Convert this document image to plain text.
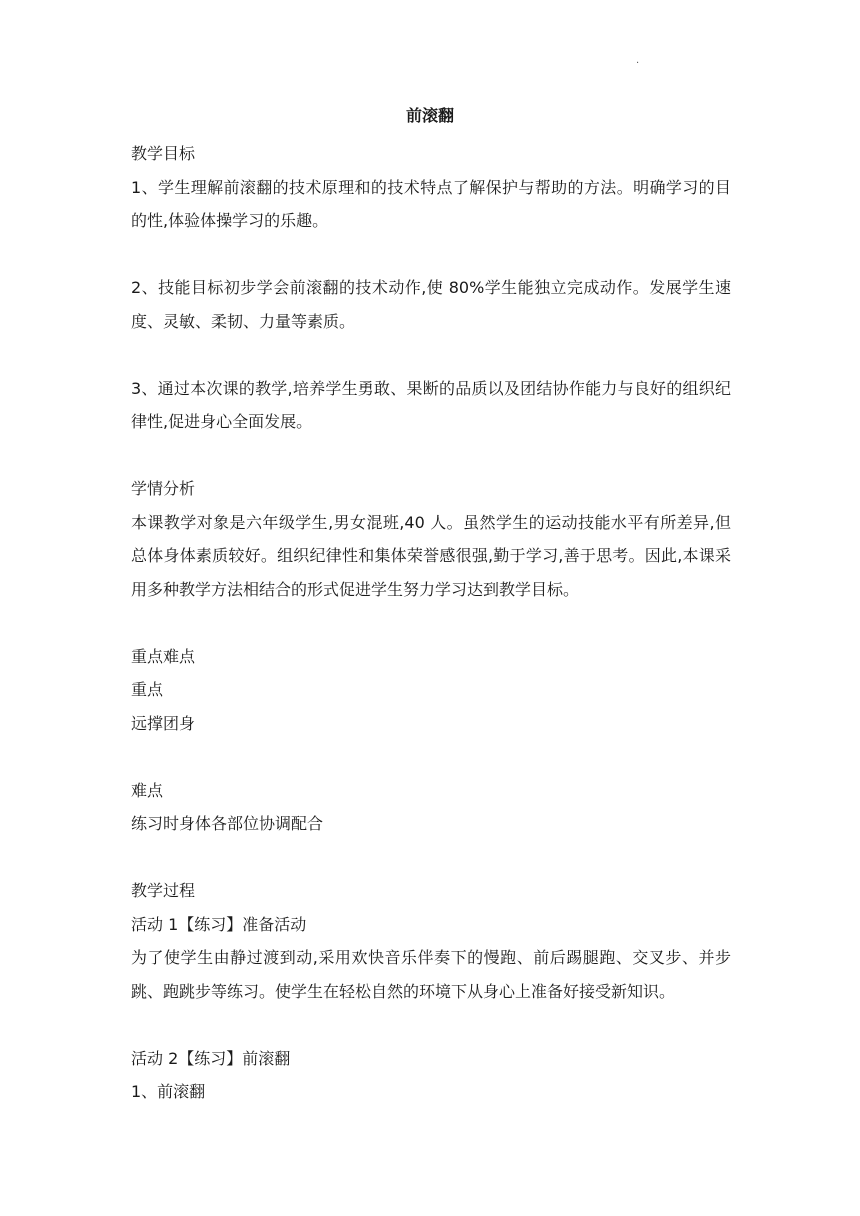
.
前滚翻

教学目标

1、学生理解前滚翻的技术原理和的技术特点了解保护与帮助的方法。明确学习的目的性,体验体操学习的乐趣。

2、技能目标初步学会前滚翻的技术动作,使 80%学生能独立完成动作。发展学生速度、灵敏、柔韧、力量等素质。

3、通过本次课的教学,培养学生勇敢、果断的品质以及团结协作能力与良好的组织纪律性,促进身心全面发展。

学情分析

本课教学对象是六年级学生,男女混班,40 人。虽然学生的运动技能水平有所差异,但总体身体素质较好。组织纪律性和集体荣誉感很强,勤于学习,善于思考。因此,本课采用多种教学方法相结合的形式促进学生努力学习达到教学目标。

重点难点

重点

远撑团身

难点

练习时身体各部位协调配合

教学过程

活动 1【练习】准备活动

为了使学生由静过渡到动,采用欢快音乐伴奏下的慢跑、前后踢腿跑、交叉步、并步跳、跑跳步等练习。使学生在轻松自然的环境下从身心上准备好接受新知识。

活动 2【练习】前滚翻

1、前滚翻
